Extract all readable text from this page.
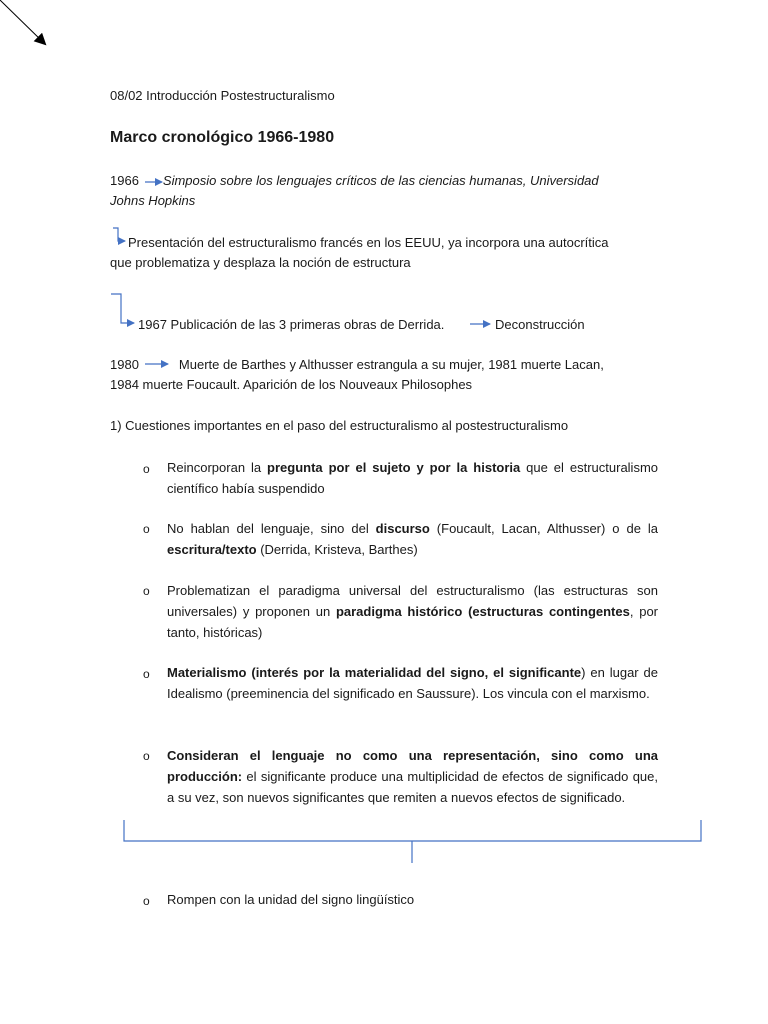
08/02 Introducción Postestructuralismo
Marco cronológico 1966-1980
1966 Simposio sobre los lenguajes críticos de las ciencias humanas, Universidad
Johns Hopkins
Presentación del estructuralismo francés en los EEUU, ya incorpora una autocrítica
que problematiza y desplaza la noción de estructura
1967 Publicación de las 3 primeras obras de Derrida.	Deconstrucción
1980	Muerte de Barthes y Althusser estrangula a su mujer, 1981 muerte Lacan,
1984 muerte Foucault. Aparición de los Nouveaux Philosophes
1) Cuestiones importantes en el paso del estructuralismo al postestructuralismo
o Reincorporan la pregunta por el sujeto y por la historia que el estructuralismo científico había suspendido
o No hablan del lenguaje, sino del discurso (Foucault, Lacan, Althusser) o de la escritura/texto (Derrida, Kristeva, Barthes)
o Problematizan el paradigma universal del estructuralismo (las estructuras son universales) y proponen un paradigma histórico (estructuras contingentes, por tanto, históricas)
o Materialismo (interés por la materialidad del signo, el significante) en lugar de Idealismo (preeminencia del significado en Saussure). Los vincula con el marxismo.
o Consideran el lenguaje no como una representación, sino como una producción: el significante produce una multiplicidad de efectos de significado que, a su vez, son nuevos significantes que remiten a nuevos efectos de significado.
o Rompen con la unidad del signo lingüístico
